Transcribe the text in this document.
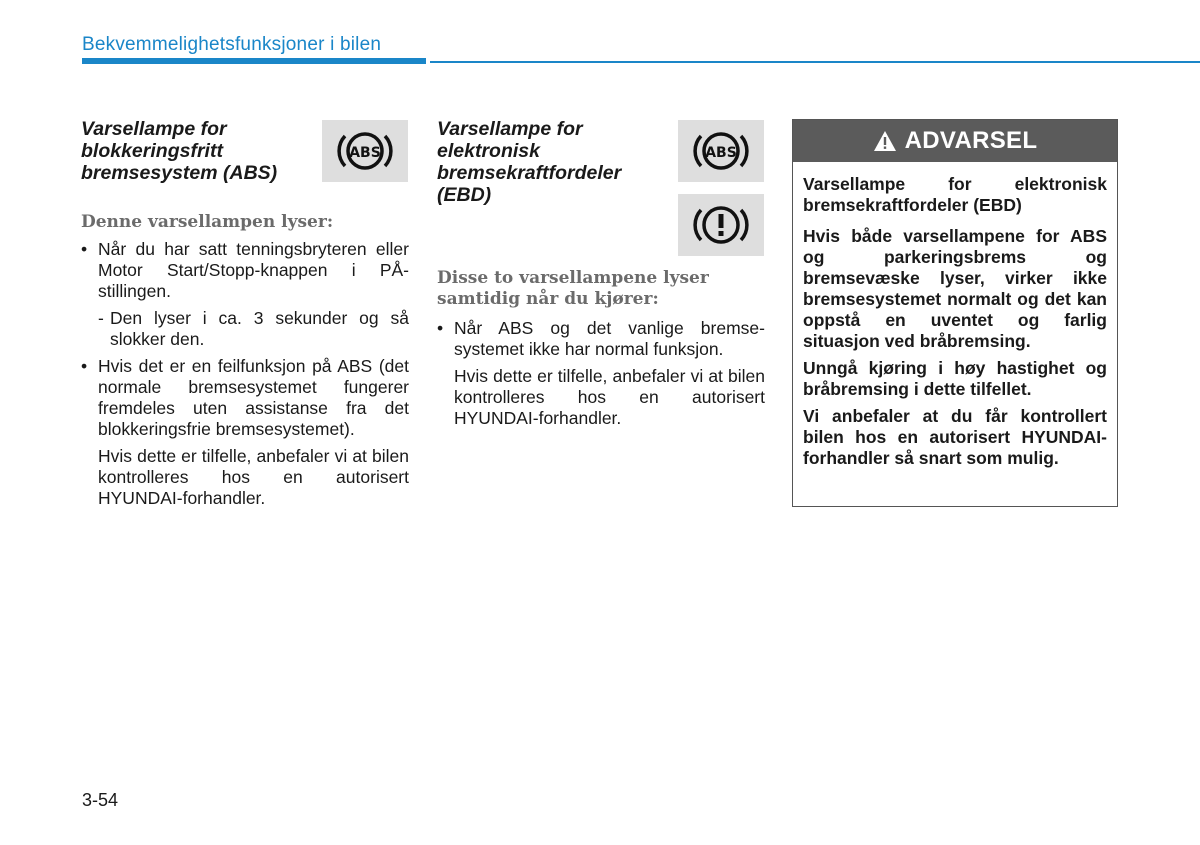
Bekvemmelighetsfunksjoner i bilen

Varsellampe for blokkeringsfritt bremsesystem (ABS)

ABS

Denne varsellampen lyser:

• Når du har satt tenningsbryteren eller Motor Start/Stopp-knappen i PÅ-stillingen.

- Den lyser i ca. 3 sekunder og så slokker den.

• Hvis det er en feilfunksjon på ABS (det normale bremsesystemet fungerer fremdeles uten assistanse fra det blokkeringsfrie bremsesystemet).

Hvis dette er tilfelle, anbefaler vi at bilen kontrolleres hos en autorisert HYUNDAI-forhandler.

Varsellampe for elektronisk bremsekraftfordeler (EBD)

ABS

Disse to varsellampene lyser samtidig når du kjører:

• Når ABS og det vanlige bremse-systemet ikke har normal funksjon.

Hvis dette er tilfelle, anbefaler vi at bilen kontrolleres hos en autorisert HYUNDAI-forhandler.

ADVARSEL

Varsellampe for elektronisk bremsekraftfordeler (EBD)

Hvis både varsellampene for ABS og parkeringsbrems og bremsevæske lyser, virker ikke bremsesystemet normalt og det kan oppstå en uventet og farlig situasjon ved bråbremsing.

Unngå kjøring i høy hastighet og bråbremsing i dette tilfellet.

Vi anbefaler at du får kontrollert bilen hos en autorisert HYUNDAI-forhandler så snart som mulig.

3-54
